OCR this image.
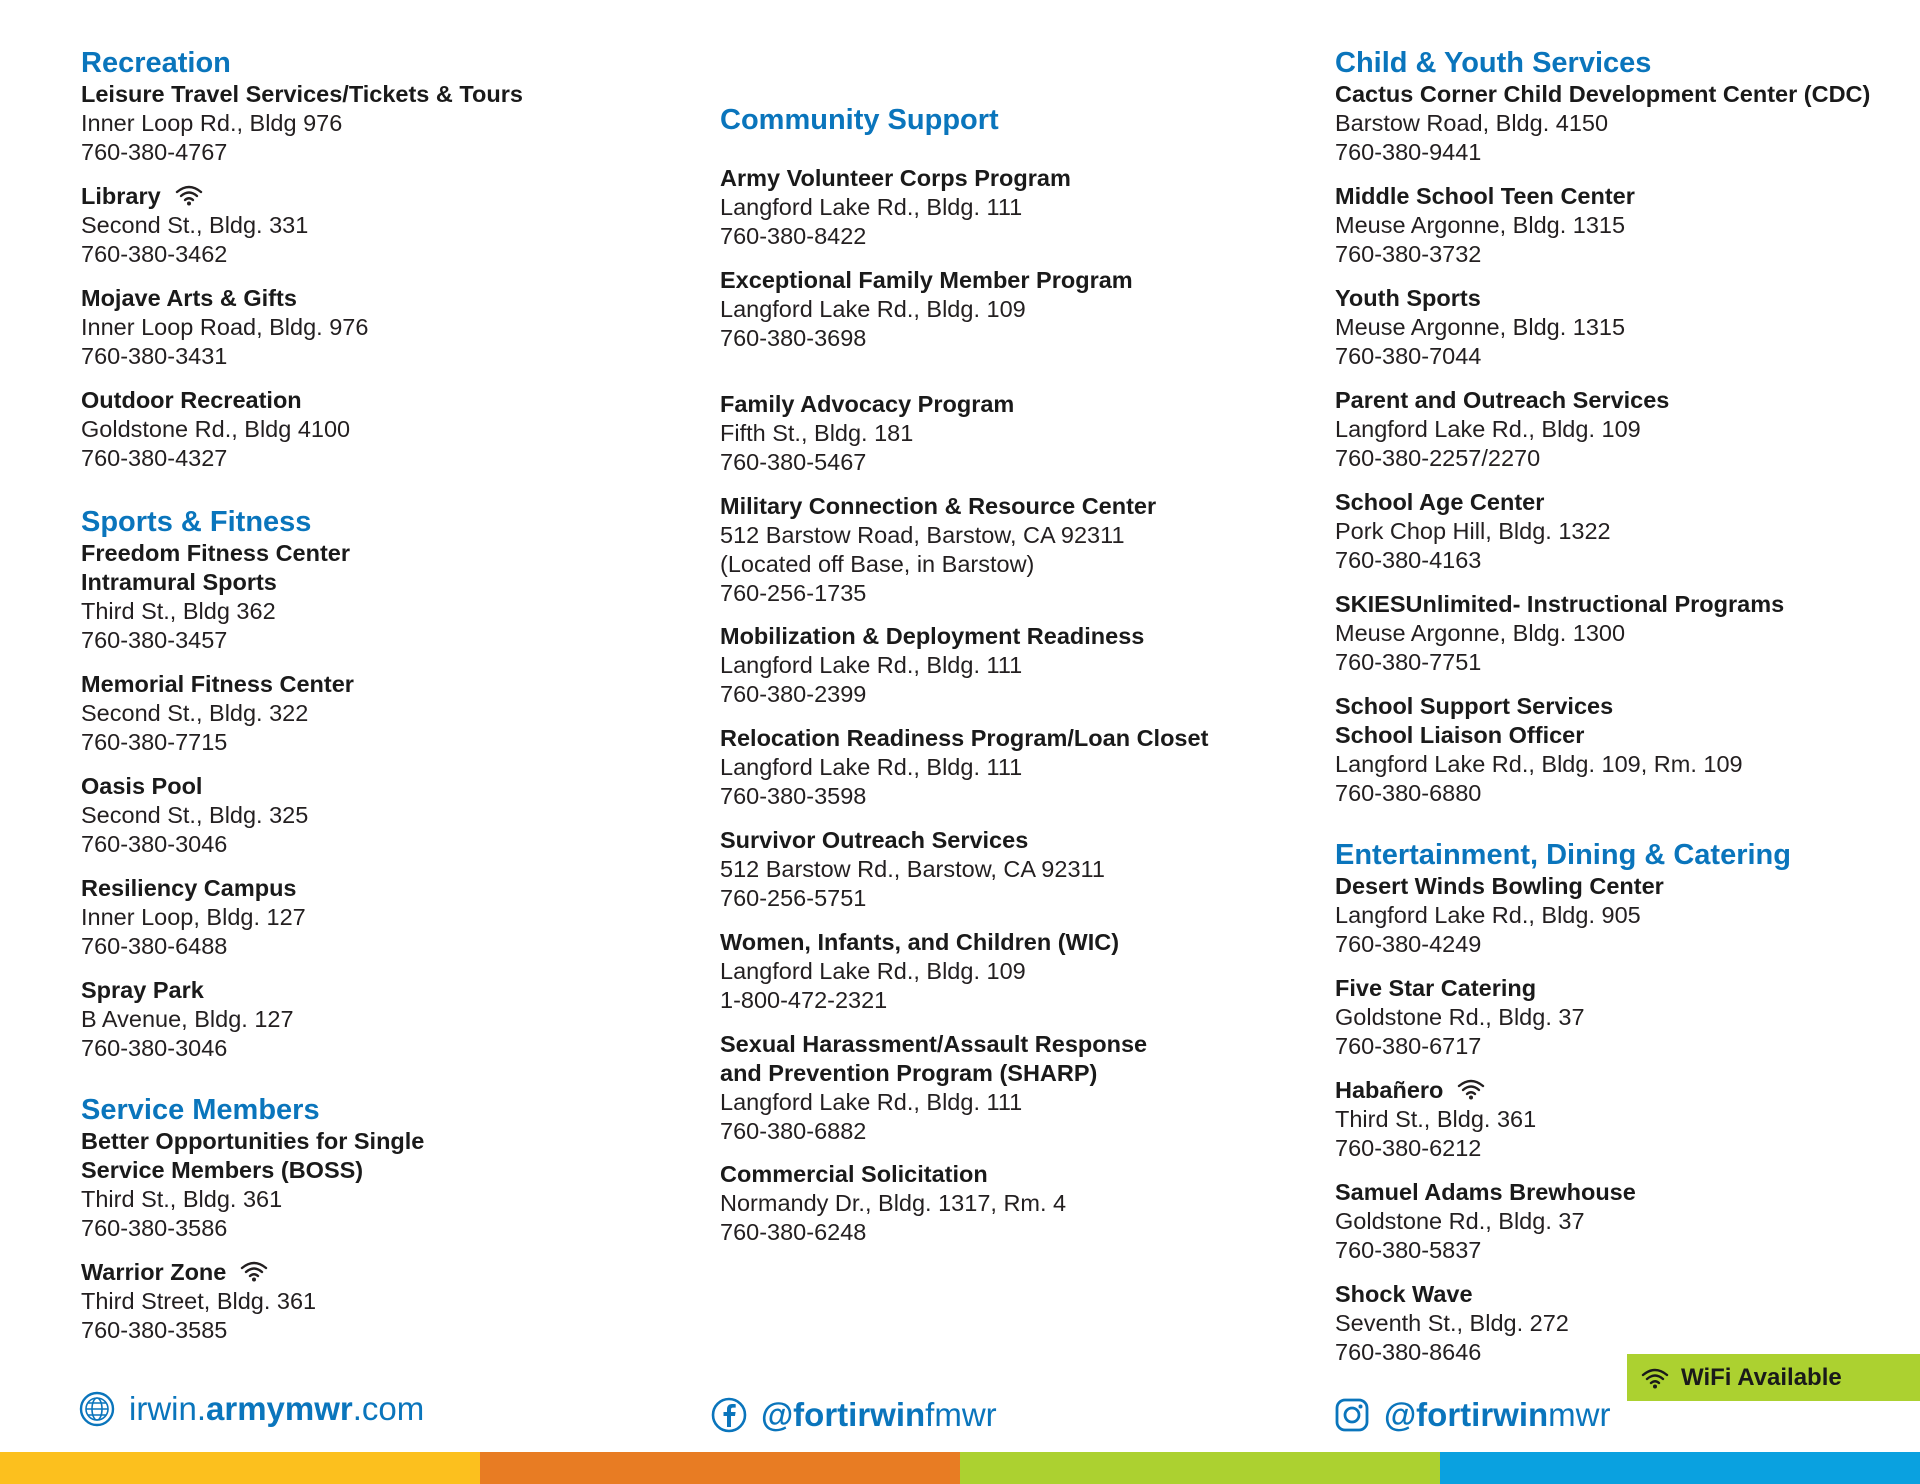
Recreation
Leisure Travel Services/Tickets & Tours
Inner Loop Rd., Bldg 976
760-380-4767
Library
Second St., Bldg. 331
760-380-3462
Mojave Arts & Gifts
Inner Loop Road, Bldg. 976
760-380-3431
Outdoor Recreation
Goldstone Rd., Bldg 4100
760-380-4327
Sports & Fitness
Freedom Fitness Center
Intramural Sports
Third St., Bldg 362
760-380-3457
Memorial Fitness Center
Second St., Bldg. 322
760-380-7715
Oasis Pool
Second St., Bldg. 325
760-380-3046
Resiliency Campus
Inner Loop, Bldg. 127
760-380-6488
Spray Park
B Avenue, Bldg. 127
760-380-3046
Service Members
Better Opportunities for Single
Service Members (BOSS)
Third St., Bldg. 361
760-380-3586
Warrior Zone
Third Street, Bldg. 361
760-380-3585
Community Support
Army Volunteer Corps Program
Langford Lake Rd., Bldg. 111
760-380-8422
Exceptional Family Member Program
Langford Lake Rd., Bldg. 109
760-380-3698
Family Advocacy Program
Fifth St., Bldg. 181
760-380-5467
Military Connection & Resource Center
512 Barstow Road, Barstow, CA 92311
(Located off Base, in Barstow)
760-256-1735
Mobilization & Deployment Readiness
Langford Lake Rd., Bldg. 111
760-380-2399
Relocation Readiness Program/Loan Closet
Langford Lake Rd., Bldg. 111
760-380-3598
Survivor Outreach Services
512 Barstow Rd., Barstow, CA 92311
760-256-5751
Women, Infants, and Children (WIC)
Langford Lake Rd., Bldg. 109
1-800-472-2321
Sexual Harassment/Assault Response
and Prevention Program (SHARP)
Langford Lake Rd., Bldg. 111
760-380-6882
Commercial Solicitation
Normandy Dr., Bldg. 1317, Rm. 4
760-380-6248
Child & Youth Services
Cactus Corner Child Development Center (CDC)
Barstow Road, Bldg. 4150
760-380-9441
Middle School Teen Center
Meuse Argonne, Bldg. 1315
760-380-3732
Youth Sports
Meuse Argonne, Bldg. 1315
760-380-7044
Parent and Outreach Services
Langford Lake Rd., Bldg. 109
760-380-2257/2270
School Age Center
Pork Chop Hill, Bldg. 1322
760-380-4163
SKIESUnlimited- Instructional Programs
Meuse Argonne, Bldg. 1300
760-380-7751
School Support Services
School Liaison Officer
Langford Lake Rd., Bldg. 109, Rm. 109
760-380-6880
Entertainment, Dining & Catering
Desert Winds Bowling Center
Langford Lake Rd., Bldg. 905
760-380-4249
Five Star Catering
Goldstone Rd., Bldg. 37
760-380-6717
Habañero
Third St., Bldg. 361
760-380-6212
Samuel Adams Brewhouse
Goldstone Rd., Bldg. 37
760-380-5837
Shock Wave
Seventh St., Bldg. 272
760-380-8646
WiFi Available
irwin.armymwr.com	@fortirwinfmwr	@fortirwinmwr
